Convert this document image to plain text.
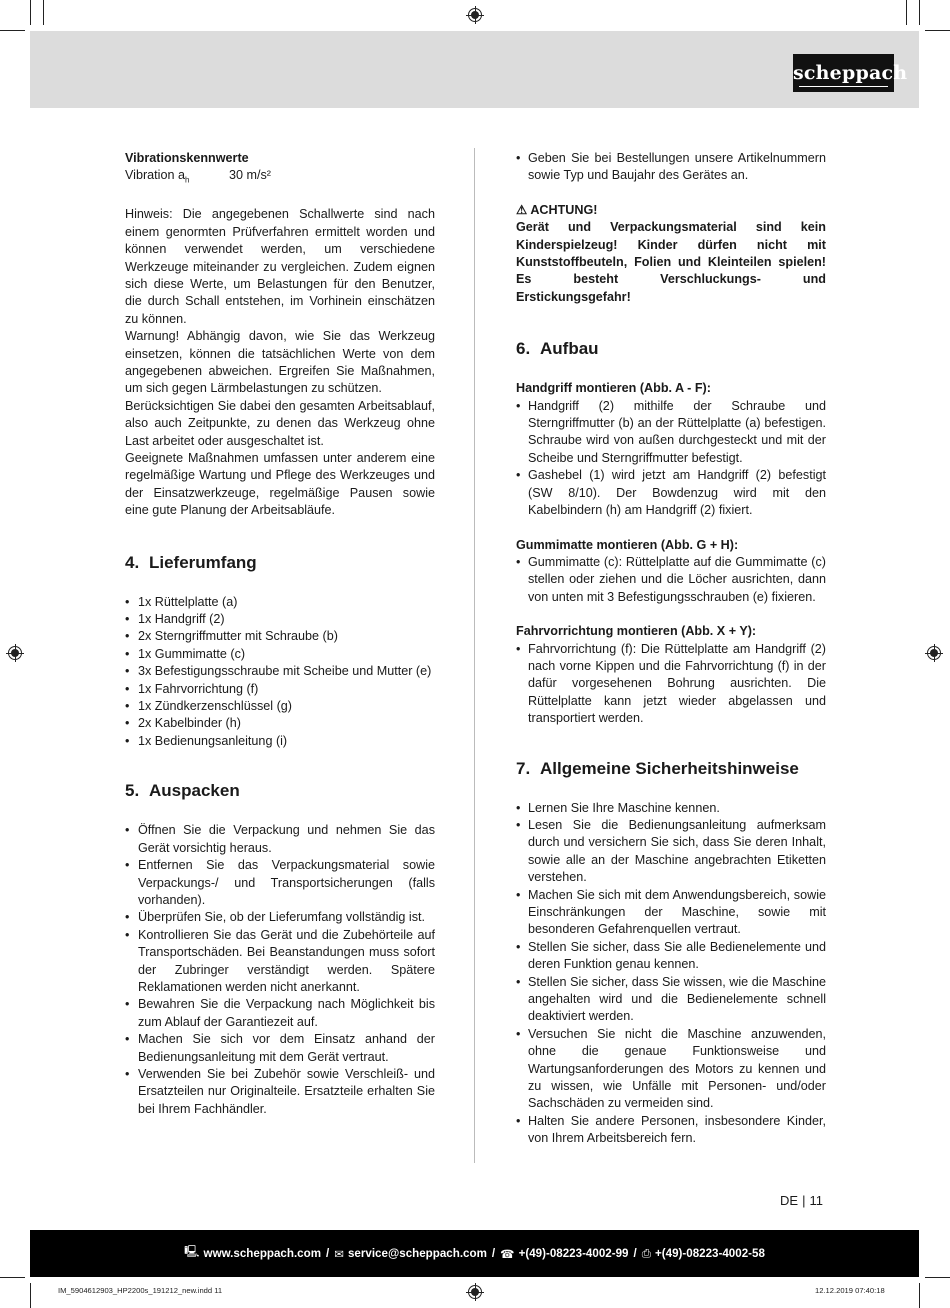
scheppach

Vibrationskennwerte

Vibration $a_h$	30 m/s²

Hinweis: Die angegebenen Schallwerte sind nach einem genormten Prüfverfahren ermittelt worden und können verwendet werden, um verschiedene Werkzeuge miteinander zu vergleichen. Zudem eignen sich diese Werte, um Belastungen für den Benutzer, die durch Schall entstehen, im Vorhinein einschätzen zu können.

Warnung! Abhängig davon, wie Sie das Werkzeug einsetzen, können die tatsächlichen Werte von dem angegebenen abweichen. Ergreifen Sie Maßnahmen, um sich gegen Lärmbelastungen zu schützen.

Berücksichtigen Sie dabei den gesamten Arbeitsablauf, also auch Zeitpunkte, zu denen das Werkzeug ohne Last arbeitet oder ausgeschaltet ist.

Geeignete Maßnahmen umfassen unter anderem eine regelmäßige Wartung und Pflege des Werkzeuges und der Einsatzwerkzeuge, regelmäßige Pausen sowie eine gute Planung der Arbeitsabläufe.

4. Lieferumfang

• 1x Rüttelplatte (a)
• 1x Handgriff (2)
• 2x Sterngriffmutter mit Schraube (b)
• 1x Gummimatte (c)
• 3x Befestigungsschraube mit Scheibe und Mutter (e)
• 1x Fahrvorrichtung (f)
• 1x Zündkerzenschlüssel (g)
• 2x Kabelbinder (h)
• 1x Bedienungsanleitung (i)

5. Auspacken

• Öffnen Sie die Verpackung und nehmen Sie das Gerät vorsichtig heraus.
• Entfernen Sie das Verpackungsmaterial sowie Verpackungs-/ und Transportsicherungen (falls vorhanden).
• Überprüfen Sie, ob der Lieferumfang vollständig ist.
• Kontrollieren Sie das Gerät und die Zubehörteile auf Transportschäden. Bei Beanstandungen muss sofort der Zubringer verständigt werden. Spätere Reklamationen werden nicht anerkannt.
• Bewahren Sie die Verpackung nach Möglichkeit bis zum Ablauf der Garantiezeit auf.
• Machen Sie sich vor dem Einsatz anhand der Bedienungsanleitung mit dem Gerät vertraut.
• Verwenden Sie bei Zubehör sowie Verschleiß- und Ersatzteilen nur Originalteile. Ersatzteile erhalten Sie bei Ihrem Fachhändler.
• Geben Sie bei Bestellungen unsere Artikelnummern sowie Typ und Baujahr des Gerätes an.

⚠ ACHTUNG!

Gerät und Verpackungsmaterial sind kein Kinderspielzeug! Kinder dürfen nicht mit Kunststoffbeuteln, Folien und Kleinteilen spielen! Es besteht Verschluckungs- und Erstickungsgefahr!

6. Aufbau

Handgriff montieren (Abb. A - F):

• Handgriff (2) mithilfe der Schraube und Sterngriffmutter (b) an der Rüttelplatte (a) befestigen. Schraube wird von außen durchgesteckt und mit der Scheibe und Sterngriffmutter befestigt.
• Gashebel (1) wird jetzt am Handgriff (2) befestigt (SW 8/10). Der Bowdenzug wird mit den Kabelbindern (h) am Handgriff (2) fixiert.

Gummimatte montieren (Abb. G + H):

• Gummimatte (c): Rüttelplatte auf die Gummimatte (c) stellen oder ziehen und die Löcher ausrichten, dann von unten mit 3 Befestigungsschrauben (e) fixieren.

Fahrvorrichtung montieren (Abb. X + Y):

• Fahrvorrichtung (f): Die Rüttelplatte am Handgriff (2) nach vorne Kippen und die Fahrvorrichtung (f) in der dafür vorgesehenen Bohrung ausrichten. Die Rüttelplatte kann jetzt wieder abgelassen und transportiert werden.

7. Allgemeine Sicherheitshinweise

• Lernen Sie Ihre Maschine kennen.
• Lesen Sie die Bedienungsanleitung aufmerksam durch und versichern Sie sich, dass Sie deren Inhalt, sowie alle an der Maschine angebrachten Etiketten verstehen.
• Machen Sie sich mit dem Anwendungsbereich, sowie Einschränkungen der Maschine, sowie mit besonderen Gefahrenquellen vertraut.
• Stellen Sie sicher, dass Sie alle Bedienelemente und deren Funktion genau kennen.
• Stellen Sie sicher, dass Sie wissen, wie die Maschine angehalten wird und die Bedienelemente schnell deaktiviert werden.
• Versuchen Sie nicht die Maschine anzuwenden, ohne die genaue Funktionsweise und Wartungsanforderungen des Motors zu kennen und zu wissen, wie Unfälle mit Personen- und/oder Sachschäden zu vermeiden sind.
• Halten Sie andere Personen, insbesondere Kinder, von Ihrem Arbeitsbereich fern.
DE | 11
🖳 www.scheppach.com / ✉ service@scheppach.com / ☎ +(49)-08223-4002-99 / ⎙ +(49)-08223-4002-58
IM_5904612903_HP2200s_191212_new.indd 11	12.12.2019 07:40:18
